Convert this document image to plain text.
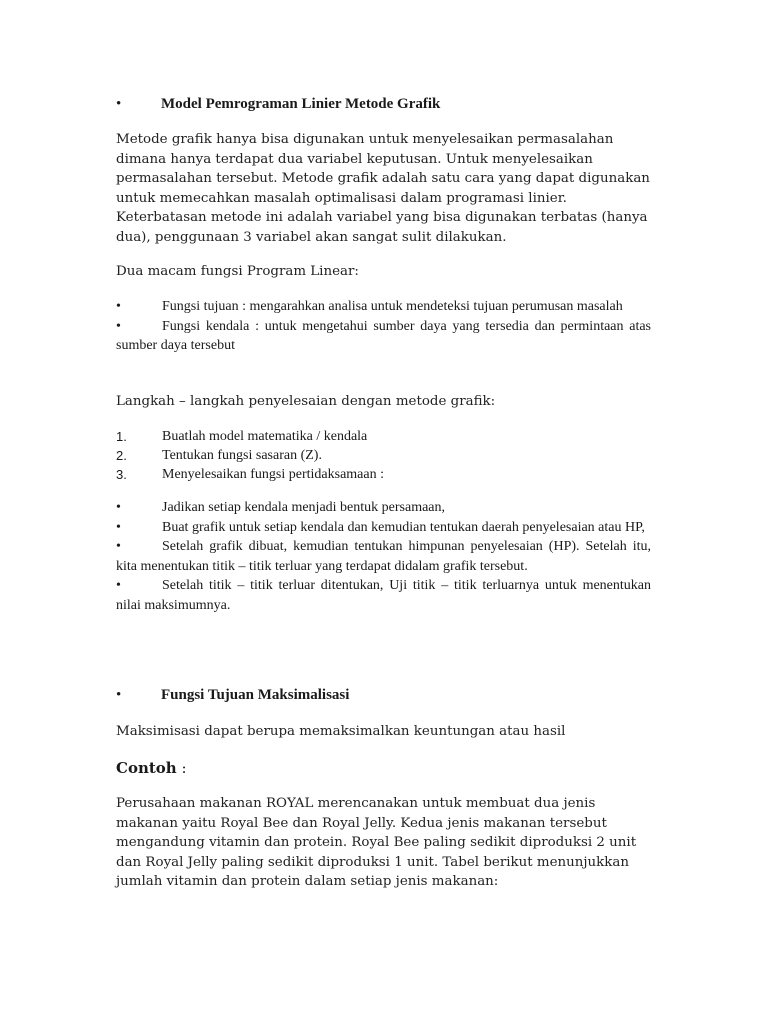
•	Model Pemrograman Linier Metode Grafik
Metode grafik hanya bisa digunakan untuk menyelesaikan permasalahan dimana hanya terdapat dua variabel keputusan. Untuk menyelesaikan permasalahan tersebut. Metode grafik adalah satu cara yang dapat digunakan untuk memecahkan masalah optimalisasi dalam programasi linier. Keterbatasan metode ini adalah variabel yang bisa digunakan terbatas (hanya dua), penggunaan 3 variabel akan sangat sulit dilakukan.
Dua macam fungsi Program Linear:
•	Fungsi tujuan : mengarahkan analisa untuk mendeteksi tujuan perumusan masalah
•	Fungsi kendala : untuk mengetahui sumber daya yang tersedia dan permintaan atas sumber daya tersebut
Langkah – langkah penyelesaian dengan metode grafik:
1.	Buatlah model matematika / kendala
2.	Tentukan fungsi sasaran (Z).
3.	Menyelesaikan fungsi pertidaksamaan :
•	Jadikan setiap kendala menjadi bentuk persamaan,
•	Buat grafik untuk setiap kendala dan kemudian tentukan daerah penyelesaian atau HP,
•	Setelah grafik dibuat, kemudian tentukan himpunan penyelesaian (HP). Setelah itu, kita menentukan titik – titik terluar yang terdapat didalam grafik tersebut.
•	Setelah titik – titik terluar ditentukan, Uji titik – titik terluarnya untuk menentukan nilai maksimumnya.
•	Fungsi Tujuan Maksimalisasi
Maksimisasi dapat berupa memaksimalkan keuntungan atau hasil
Contoh :
Perusahaan makanan ROYAL merencanakan untuk membuat dua jenis makanan yaitu Royal Bee dan Royal Jelly. Kedua jenis makanan tersebut mengandung vitamin dan protein. Royal Bee paling sedikit diproduksi 2 unit dan Royal Jelly paling sedikit diproduksi 1 unit. Tabel berikut menunjukkan jumlah vitamin dan protein dalam setiap jenis makanan:
